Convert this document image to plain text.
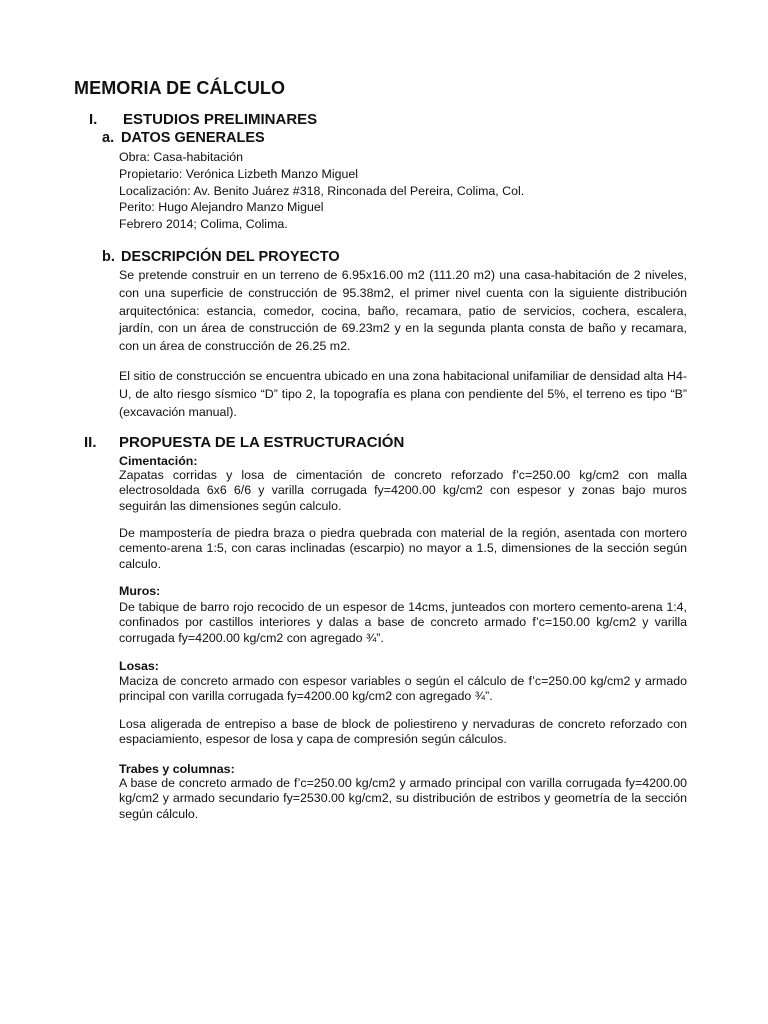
MEMORIA DE CÁLCULO
I. ESTUDIOS PRELIMINARES
a. DATOS GENERALES
Obra: Casa-habitación
Propietario: Verónica Lizbeth Manzo Miguel
Localización: Av. Benito Juárez #318, Rinconada del Pereira, Colima, Col.
Perito: Hugo Alejandro Manzo Miguel
Febrero 2014; Colima, Colima.
b. DESCRIPCIÓN DEL PROYECTO
Se pretende construir en un terreno de 6.95x16.00 m2 (111.20 m2) una casa-habitación de 2 niveles, con una superficie de construcción de 95.38m2, el primer nivel cuenta con la siguiente distribución arquitectónica: estancia, comedor, cocina, baño, recamara, patio de servicios, cochera, escalera, jardín, con un área de construcción de 69.23m2 y en la segunda planta consta de baño y recamara, con un área de construcción de 26.25 m2.
El sitio de construcción se encuentra ubicado en una zona habitacional unifamiliar de densidad alta H4-U, de alto riesgo sísmico “D” tipo 2, la topografía es plana con pendiente del 5%, el terreno es tipo “B” (excavación manual).
II. PROPUESTA DE LA ESTRUCTURACIÓN
Cimentación:
Zapatas corridas y losa de cimentación de concreto reforzado f’c=250.00 kg/cm2 con malla electrosoldada 6x6 6/6 y varilla corrugada fy=4200.00 kg/cm2 con espesor y zonas bajo muros seguirán las dimensiones según calculo.
De mampostería de piedra braza o piedra quebrada con material de la región, asentada con mortero cemento-arena 1:5, con caras inclinadas (escarpio) no mayor a 1.5, dimensiones de la sección según calculo.
Muros:
De tabique de barro rojo recocido de un espesor de 14cms, junteados con mortero cemento-arena 1:4, confinados por castillos interiores y dalas a base de concreto armado f’c=150.00 kg/cm2 y varilla corrugada fy=4200.00 kg/cm2 con agregado ¾”.
Losas:
Maciza de concreto armado con espesor variables o según el cálculo de f’c=250.00 kg/cm2 y armado principal con varilla corrugada fy=4200.00 kg/cm2 con agregado ¾”.
Losa aligerada de entrepiso a base de block de poliestireno y nervaduras de concreto reforzado con espaciamiento, espesor de losa y capa de compresión según cálculos.
Trabes y columnas:
A base de concreto armado de f’c=250.00 kg/cm2 y armado principal con varilla corrugada fy=4200.00 kg/cm2 y armado secundario fy=2530.00 kg/cm2, su distribución de estribos y geometría de la sección según cálculo.
